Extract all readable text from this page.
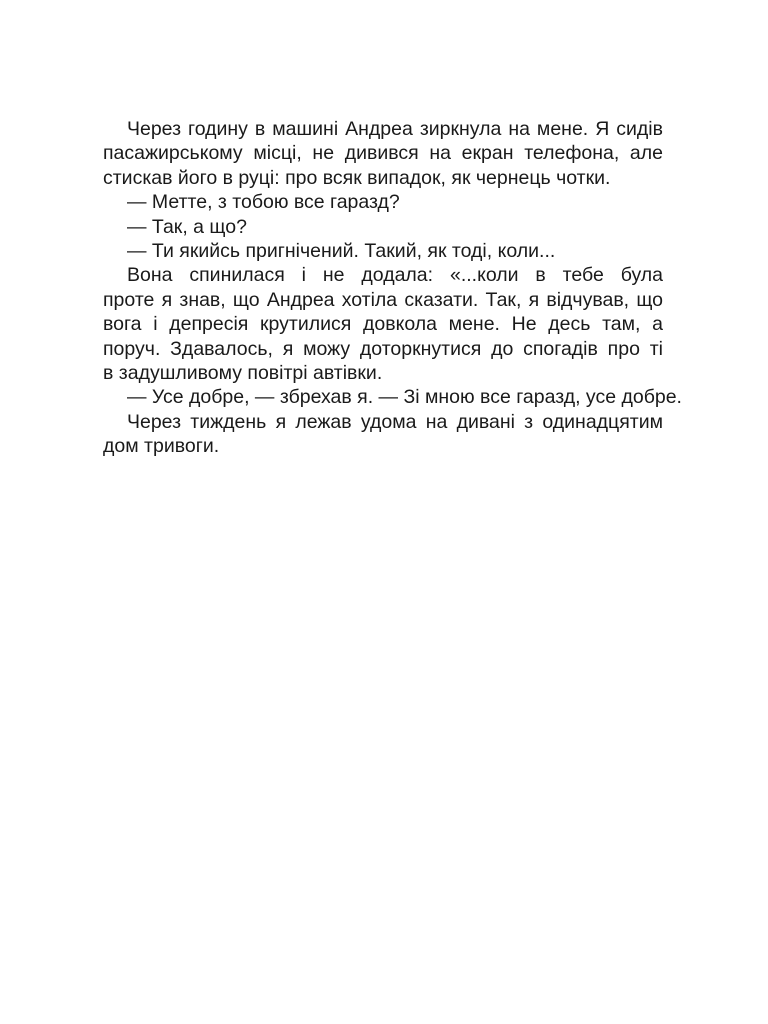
Через годину в машині Андреа зиркнула на мене. Я сидів
пасажирському місці, не дивився на екран телефона, але
стискав його в руці: про всяк випадок, як чернець чотки.
— Метте, з тобою все гаразд?
— Так, а що?
— Ти якийсь пригнічений. Такий, як тоді, коли...
Вона спинилася і не додала: «...коли в тебе була
проте я знав, що Андреа хотіла сказати. Так, я відчував, що
вога і депресія крутилися довкола мене. Не десь там, а
поруч. Здавалось, я можу доторкнутися до спогадів про ті
в задушливому повітрі автівки.
— Усе добре, — збрехав я. — Зі мною все гаразд, усе добре.
Через тиждень я лежав удома на дивані з одинадцятим
дом тривоги.
